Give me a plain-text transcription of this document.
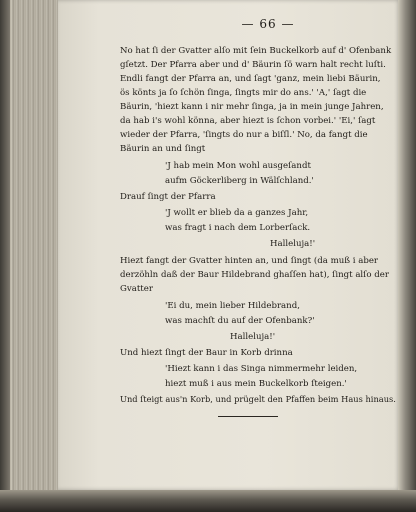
— 66 —
No hat ſi der Gvatter alſo mit ſein Buckelkorb auf d' Ofenbank
gſetzt. Der Pfarra aber und d' Bäurin ſö warn halt recht luſti.
Endli fangt der Pfarra an, und ſagt 'ganz, mein liebi Bäurin,
ös könts ja ſo ſchön ſinga, ſingts mir do ans.' 'A,' ſagt die
Bäurin, 'hiezt kann i nir mehr ſinga, ja in mein junge Jahren,
da hab i's wohl könna, aber hiezt is ſchon vorbei.' 'Ei,' ſagt
wieder der Pfarra, 'ſingts do nur a biſſl.' No, da fangt die
Bäurin an und ſingt
'J hab mein Mon wohl ausgeſandt
aufm Göckerliberg in Wälſchland.'
Drauf ſingt der Pfarra
'J wollt er blieb da a ganzes Jahr,
was fragt i nach dem Lorberſack.
Halleluja!'
Hiezt fangt der Gvatter hinten an, und ſingt (da muß i aber
derzöhln daß der Baur Hildebrand ghaſſen hat), ſingt alſo der
Gvatter
'Ei du, mein lieber Hildebrand,
was machſt du auf der Ofenbank?'
Halleluja!'
Und hiezt ſingt der Baur in Korb drinna
'Hiezt kann i das Singa nimmermehr leiden,
hiezt muß i aus mein Buckelkorb ſteigen.'
Und ſteigt aus'n Korb, und prügelt den Pfaffen beim Haus hinaus.
